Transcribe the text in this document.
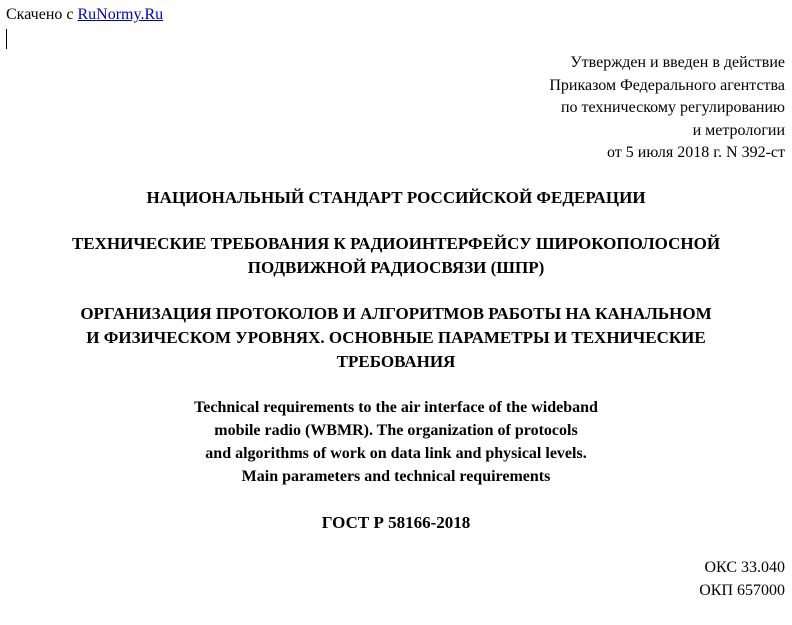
Скачено с RuNormy.Ru
Утвержден и введен в действие
Приказом Федерального агентства
по техническому регулированию
и метрологии
от 5 июля 2018 г. N 392-ст
НАЦИОНАЛЬНЫЙ СТАНДАРТ РОССИЙСКОЙ ФЕДЕРАЦИИ
ТЕХНИЧЕСКИЕ ТРЕБОВАНИЯ К РАДИОИНТЕРФЕЙСУ ШИРОКОПОЛОСНОЙ
ПОДВИЖНОЙ РАДИОСВЯЗИ (ШПР)
ОРГАНИЗАЦИЯ ПРОТОКОЛОВ И АЛГОРИТМОВ РАБОТЫ НА КАНАЛЬНОМ
И ФИЗИЧЕСКОМ УРОВНЯХ. ОСНОВНЫЕ ПАРАМЕТРЫ И ТЕХНИЧЕСКИЕ
ТРЕБОВАНИЯ
Technical requirements to the air interface of the wideband
mobile radio (WBMR). The organization of protocols
and algorithms of work on data link and physical levels.
Main parameters and technical requirements
ГОСТ Р 58166-2018
ОКС 33.040
ОКП 657000
